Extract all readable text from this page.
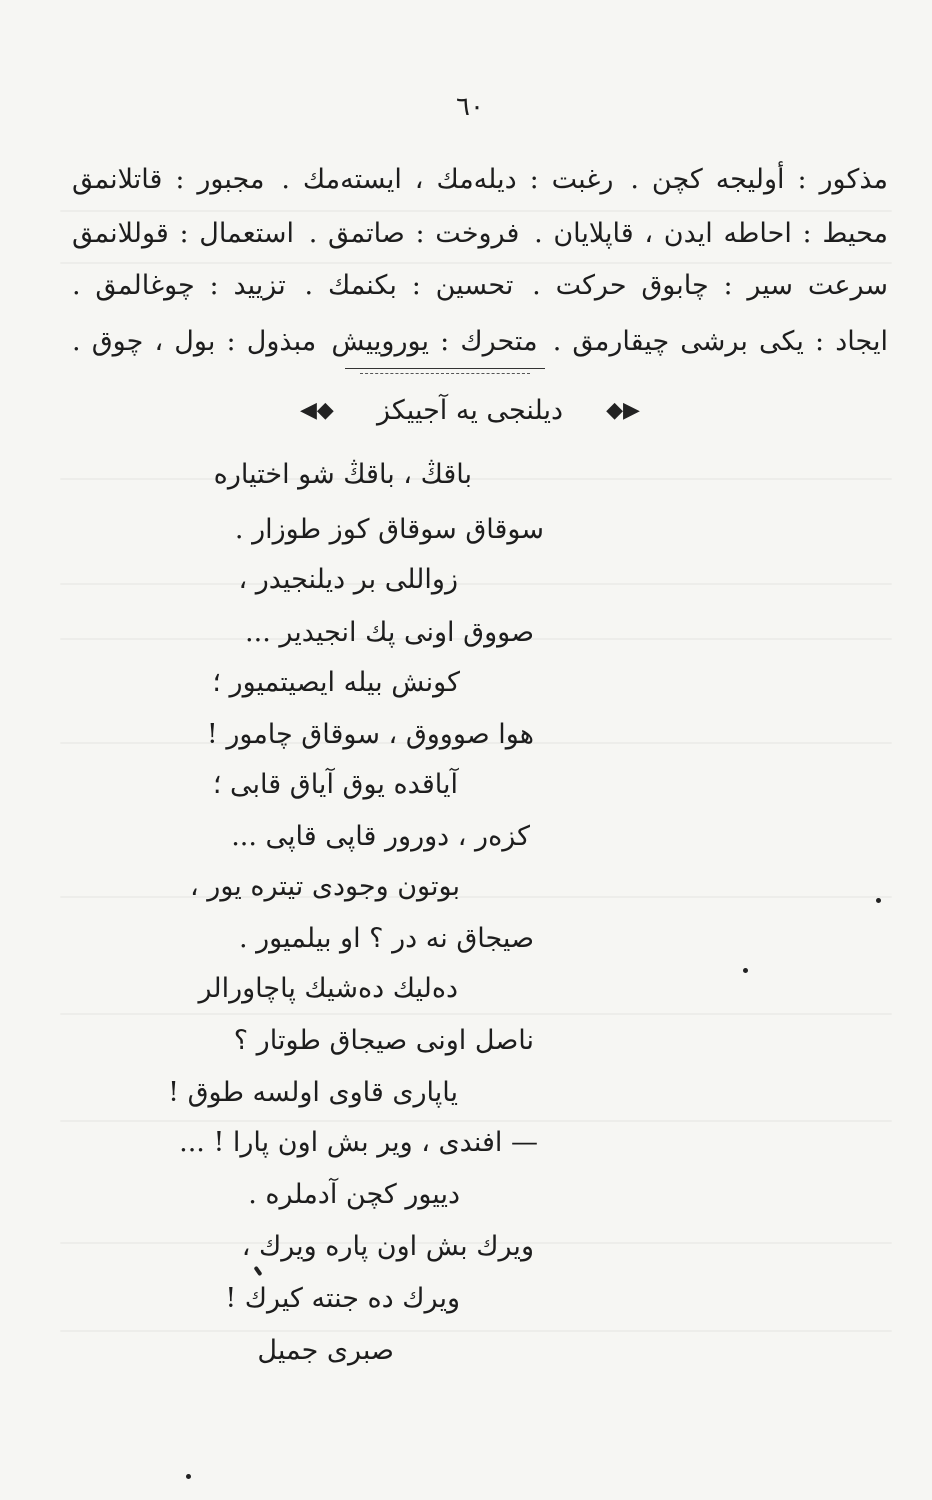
٦٠
مذكور : أوليجه كچن . رغبت : ديلەمك ، ايستەمك . مجبور : قاتلانمق
محيط : احاطه ايدن ، قاپلايان . فروخت : صاتمق . استعمال : قوللانمق
سرعت سير : چابوق حركت . تحسين : بكنمك . تزييد : چوغالمق .
ايجاد : يكى برشى چيقارمق . متحرك : يوروييش مبذول : بول ، چوق .
◀◆ ديلنجى يه آجييكز ◆▶
باقڭ ، باقڭ شو اختيارە
سوقاق سوقاق كوز طوزار .
زواللى بر ديلنجيدر ،
صووق اونى پك انجيدير ...
كونش بيله ايصيتميور ؛
هوا صوووق ، سوقاق چامور !
آياقده يوق آياق قابى ؛
كزەر ، دورور قاپى قاپى ...
بوتون وجودى تيتره يور ،
صيجاق نه در ؟ او بيلميور .
دەليك دەشيك پاچاورالر
ناصل اونى صيجاق طوتار ؟
ياپارى قاوى اولسه طوق !
— افندى ، وير بش اون پارا ! ...
دييور كچن آدملره .
ويرك بش اون پاره ويرك ،
ويرك ده جنته كيرك !
صبرى جميل
